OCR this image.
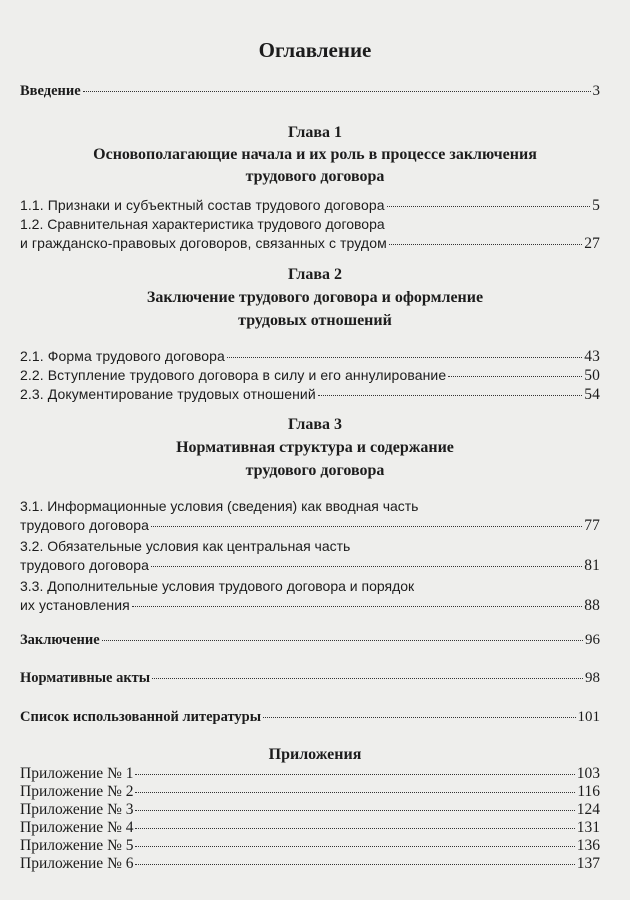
Оглавление
Введение	3
Глава 1
Основополагающие начала и их роль в процессе заключения
трудового договора
1.1. Признаки и субъектный состав трудового договора	5
1.2. Сравнительная характеристика трудового договора
и гражданско-правовых договоров, связанных с трудом	27
Глава 2
Заключение трудового договора и оформление
трудовых отношений
2.1. Форма трудового договора	43
2.2. Вступление трудового договора в силу и его аннулирование	50
2.3. Документирование трудовых отношений	54
Глава 3
Нормативная структура и содержание
трудового договора
3.1. Информационные условия (сведения) как вводная часть
трудового договора	77
3.2. Обязательные условия как центральная часть
трудового договора	81
3.3. Дополнительные условия трудового договора и порядок
их установления	88
Заключение	96
Нормативные акты	98
Список использованной литературы	101
Приложения
Приложение № 1	103
Приложение № 2	116
Приложение № 3	124
Приложение № 4	131
Приложение № 5	136
Приложение № 6	137
